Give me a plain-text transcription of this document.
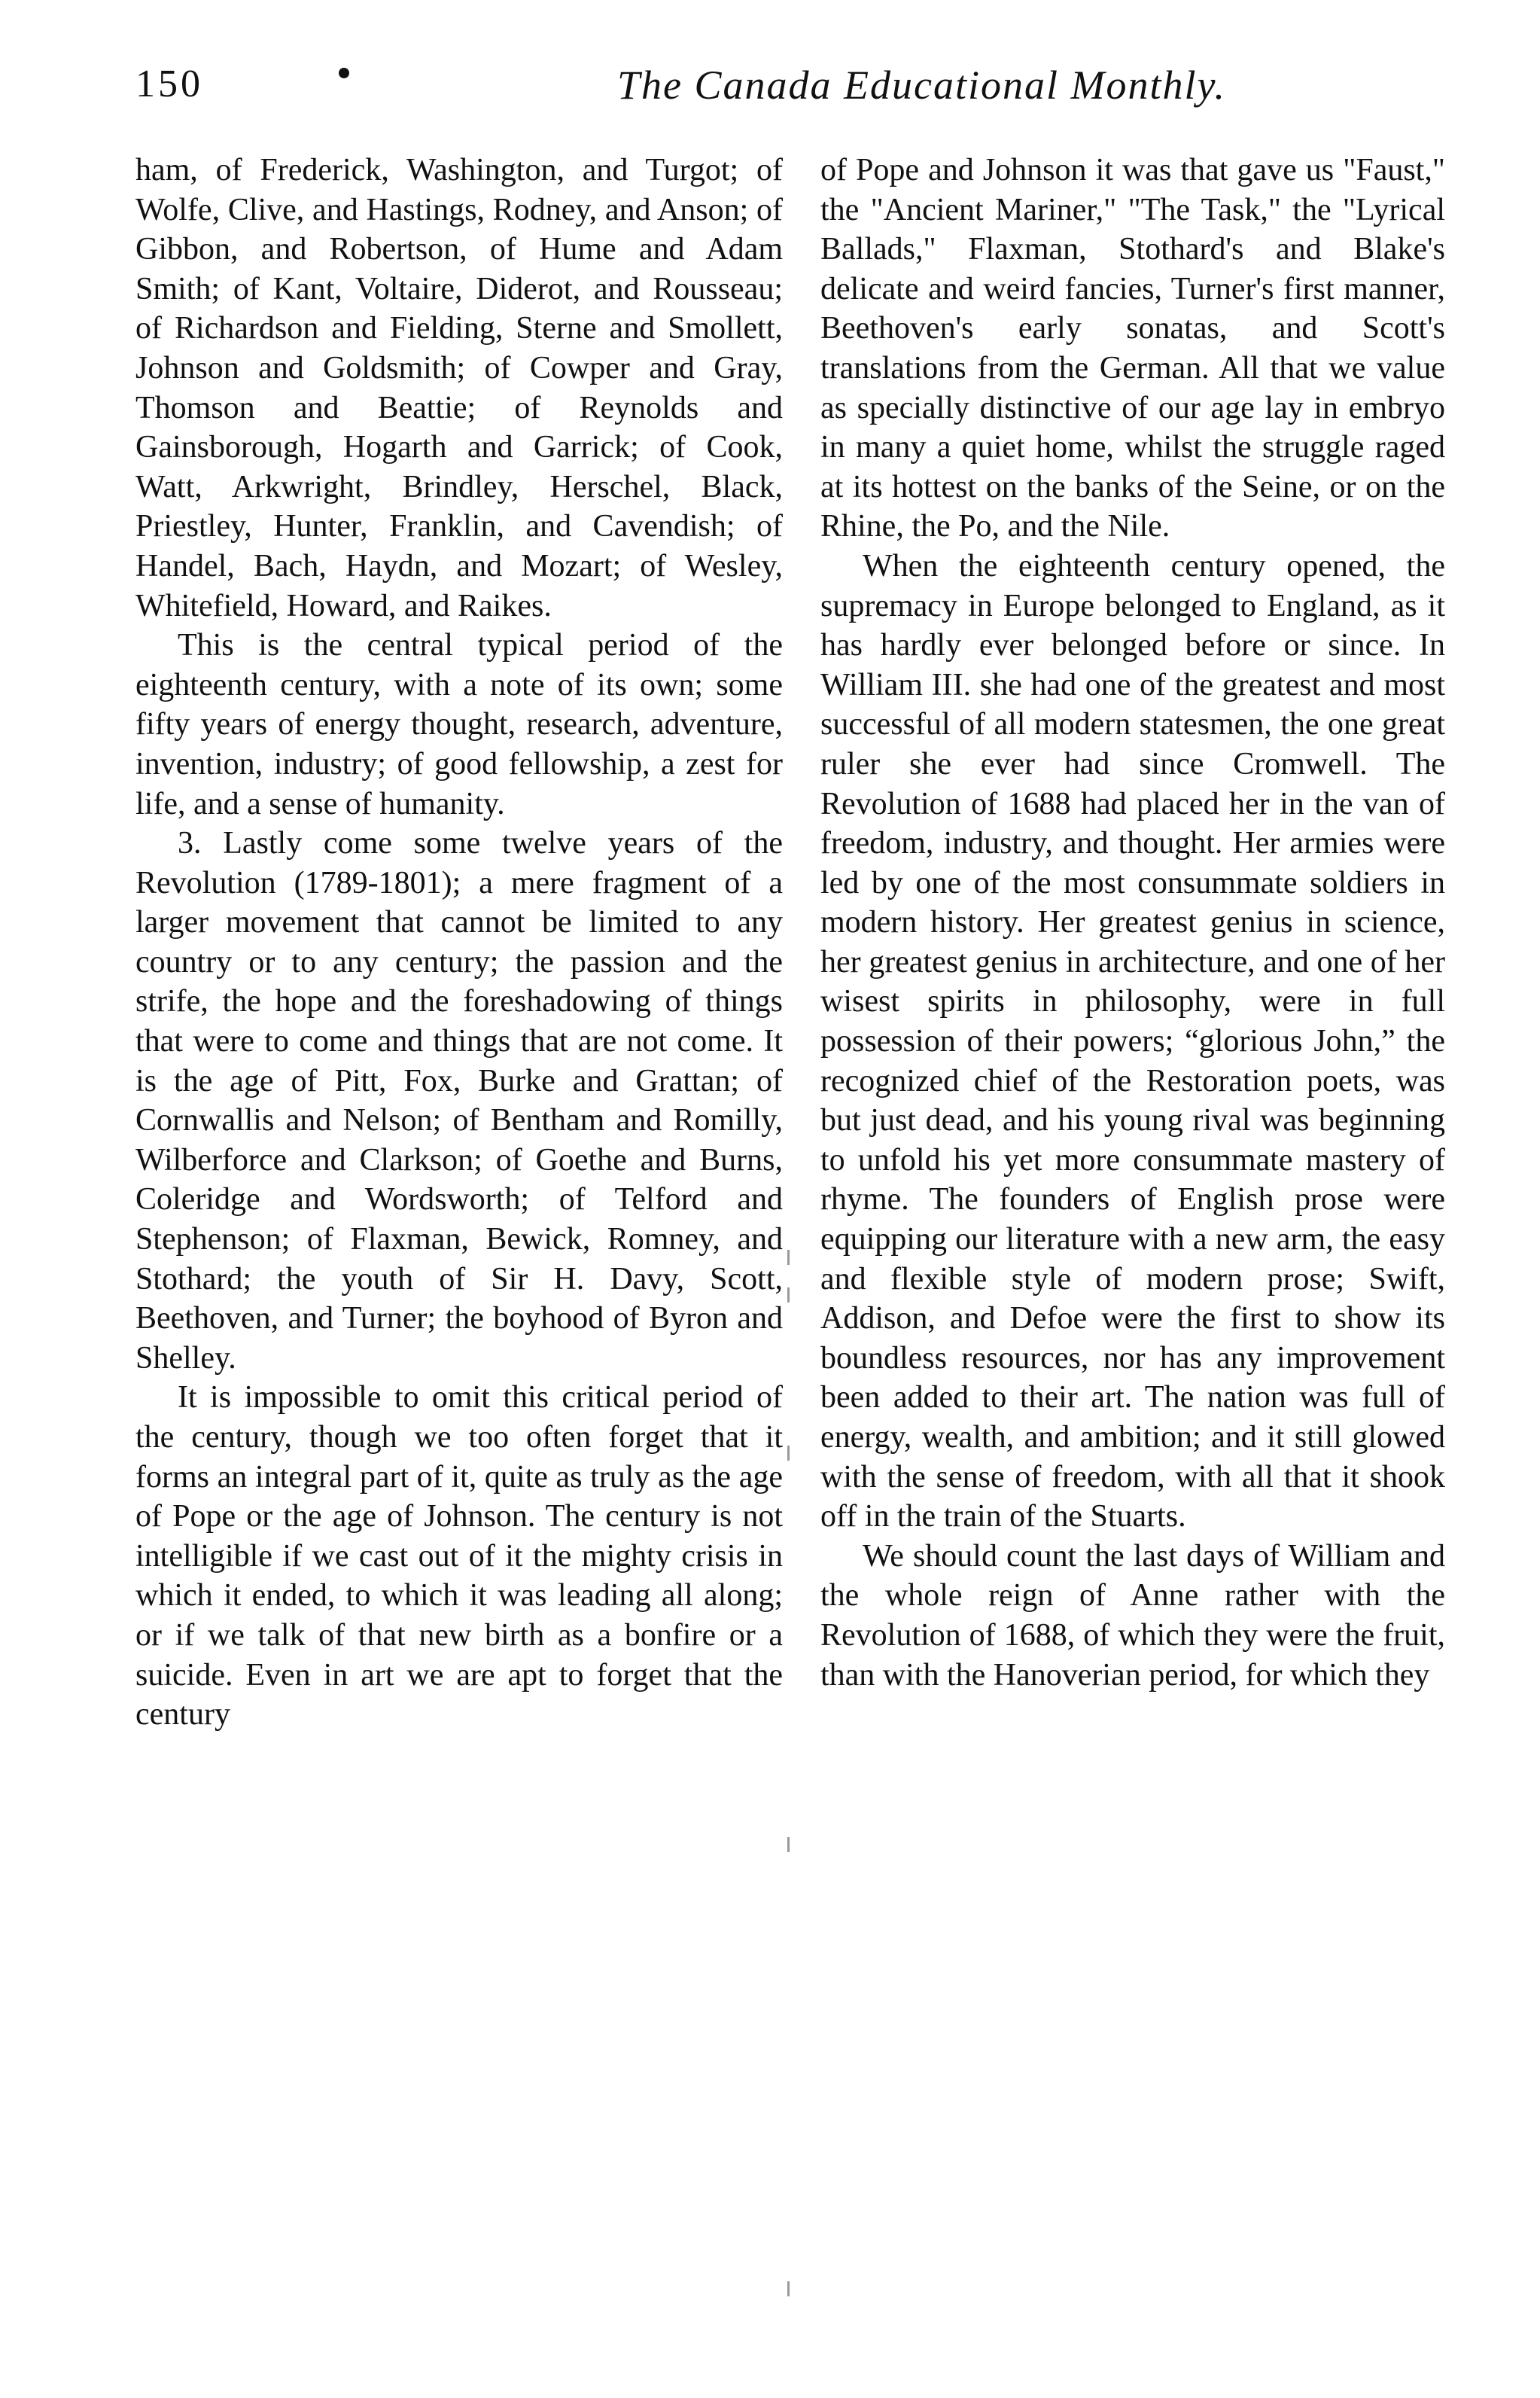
150	The Canada Educational Monthly.

ham, of Frederick, Washington, and Turgot; of Wolfe, Clive, and Hastings, Rodney, and Anson; of Gibbon, and Robertson, of Hume and Adam Smith; of Kant, Voltaire, Diderot, and Rousseau; of Richardson and Fielding, Sterne and Smollett, Johnson and Goldsmith; of Cowper and Gray, Thomson and Beattie; of Reynolds and Gainsborough, Hogarth and Garrick; of Cook, Watt, Arkwright, Brindley, Herschel, Black, Priestley, Hunter, Franklin, and Cavendish; of Handel, Bach, Haydn, and Mozart; of Wesley, Whitefield, Howard, and Raikes.

This is the central typical period of the eighteenth century, with a note of its own; some fifty years of energy thought, research, adventure, invention, industry; of good fellowship, a zest for life, and a sense of humanity.

3. Lastly come some twelve years of the Revolution (1789-1801); a mere fragment of a larger movement that cannot be limited to any country or to any century; the passion and the strife, the hope and the foreshadowing of things that were to come and things that are not come. It is the age of Pitt, Fox, Burke and Grattan; of Cornwallis and Nelson; of Bentham and Romilly, Wilberforce and Clarkson; of Goethe and Burns, Coleridge and Wordsworth; of Telford and Stephenson; of Flaxman, Bewick, Romney, and Stothard; the youth of Sir H. Davy, Scott, Beethoven, and Turner; the boyhood of Byron and Shelley.

It is impossible to omit this critical period of the century, though we too often forget that it forms an integral part of it, quite as truly as the age of Pope or the age of Johnson. The century is not intelligible if we cast out of it the mighty crisis in which it ended, to which it was leading all along; or if we talk of that new birth as a bonfire or a suicide. Even in art we are apt to forget that the century

of Pope and Johnson it was that gave us "Faust," the "Ancient Mariner," "The Task," the "Lyrical Ballads," Flaxman, Stothard's and Blake's delicate and weird fancies, Turner's first manner, Beethoven's early sonatas, and Scott's translations from the German. All that we value as specially distinctive of our age lay in embryo in many a quiet home, whilst the struggle raged at its hottest on the banks of the Seine, or on the Rhine, the Po, and the Nile.

When the eighteenth century opened, the supremacy in Europe belonged to England, as it has hardly ever belonged before or since. In William III. she had one of the greatest and most successful of all modern statesmen, the one great ruler she ever had since Cromwell. The Revolution of 1688 had placed her in the van of freedom, industry, and thought. Her armies were led by one of the most consummate soldiers in modern history. Her greatest genius in science, her greatest genius in architecture, and one of her wisest spirits in philosophy, were in full possession of their powers; “glorious John,” the recognized chief of the Restoration poets, was but just dead, and his young rival was beginning to unfold his yet more consummate mastery of rhyme. The founders of English prose were equipping our literature with a new arm, the easy and flexible style of modern prose; Swift, Addison, and Defoe were the first to show its boundless resources, nor has any improvement been added to their art. The nation was full of energy, wealth, and ambition; and it still glowed with the sense of freedom, with all that it shook off in the train of the Stuarts.

We should count the last days of William and the whole reign of Anne rather with the Revolution of 1688, of which they were the fruit, than with the Hanoverian period, for which they
